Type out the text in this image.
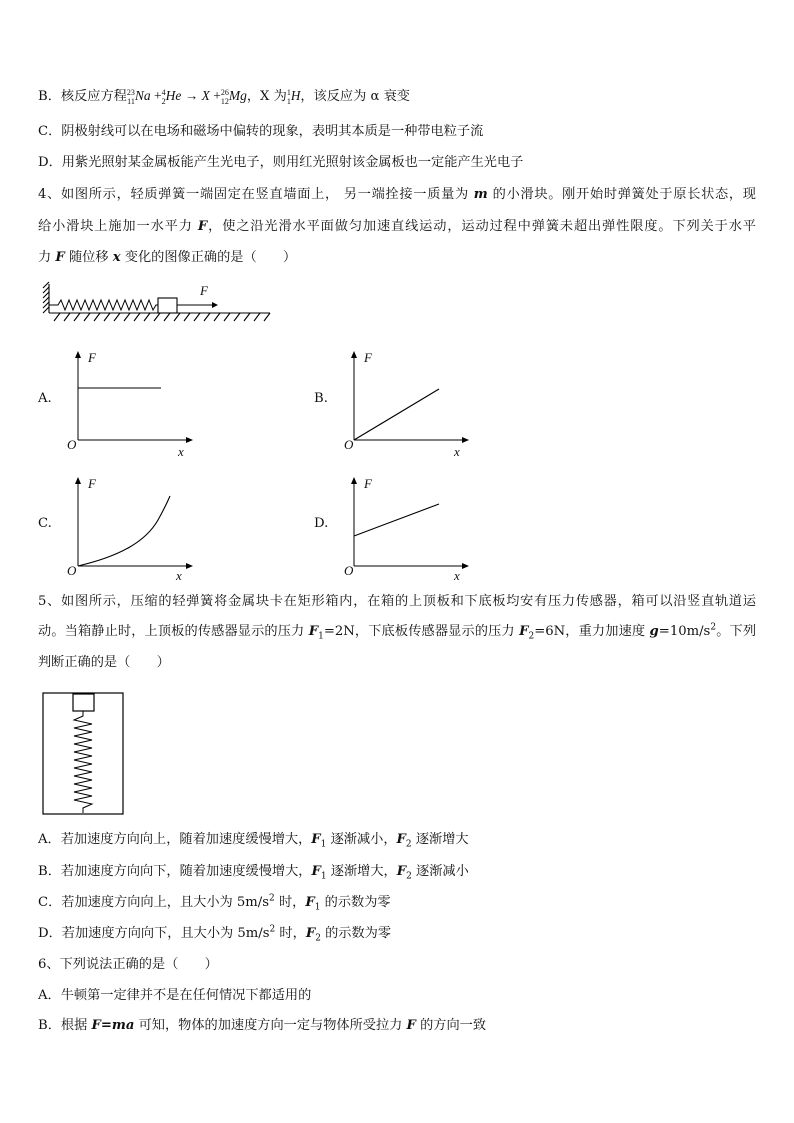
B．核反应方程23
11Na +4
2He → X +26
12Mg，X 为1
1H，该反应为 α 衰变
C．阴极射线可以在电场和磁场中偏转的现象，表明其本质是一种带电粒子流
D．用紫光照射某金属板能产生光电子，则用红光照射该金属板也一定能产生光电子
4、如图所示，轻质弹簧一端固定在竖直墙面上， 另一端拴接一质量为 m 的小滑块。刚开始时弹簧处于原长状态，现
给小滑块上施加一水平力 F，使之沿光滑水平面做匀加速直线运动，运动过程中弹簧未超出弹性限度。下列关于水平
力 F 随位移 x 变化的图像正确的是（　　）
F
A.
F
O	x
B.
F
O	x
C.
F
O	x
D.
F
O	x
5、如图所示，压缩的轻弹簧将金属块卡在矩形箱内，在箱的上顶板和下底板均安有压力传感器，箱可以沿竖直轨道运
动。当箱静止时，上顶板的传感器显示的压力 $F_1=2N$，下底板传感器显示的压力 $F_2=6N$，重力加速度 $g=10m/s^2$。下列
判断正确的是（　　）
A．若加速度方向向上，随着加速度缓慢增大，$F_1$ 逐渐减小，$F_2$ 逐渐增大
B．若加速度方向向下，随着加速度缓慢增大，$F_1$ 逐渐增大，$F_2$ 逐渐减小
C．若加速度方向向上，且大小为 $5m/s^2$ 时，$F_1$ 的示数为零
D．若加速度方向向下，且大小为 $5m/s^2$ 时，$F_2$ 的示数为零
6、下列说法正确的是（　　）
A．牛顿第一定律并不是在任何情况下都适用的
B．根据 F=ma 可知，物体的加速度方向一定与物体所受拉力 F 的方向一致
